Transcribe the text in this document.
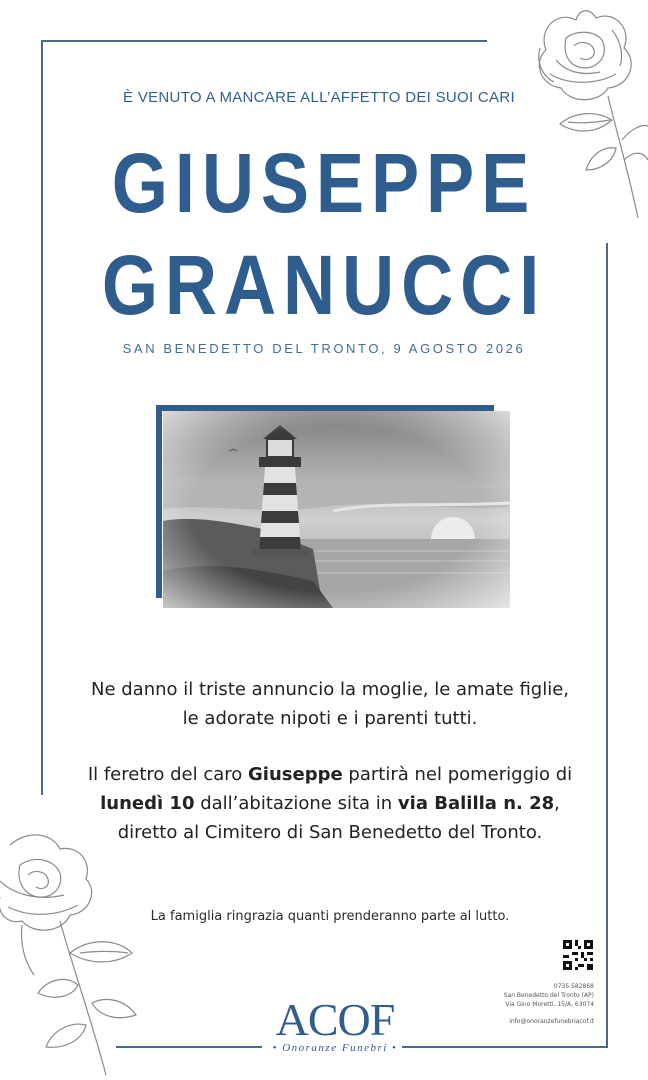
È VENUTO A MANCARE ALL’AFFETTO DEI SUOI CARI
GIUSEPPE
GRANUCCI
SAN BENEDETTO DEL TRONTO, 9 AGOSTO 2026
Ne danno il triste annuncio la moglie, le amate figlie,
le adorate nipoti e i parenti tutti.
Il feretro del caro Giuseppe partirà nel pomeriggio di
lunedì 10 dall’abitazione sita in via Balilla n. 28,
diretto al Cimitero di San Benedetto del Tronto.
La famiglia ringrazia quanti prenderanno parte al lutto.
0735 582868
San Benedetto del Tronto (AP)
Via Gino Moretti, 15/A, 63074
info@onoranzefunebriacof.it
ACOF
• Onoranze Funebri •
